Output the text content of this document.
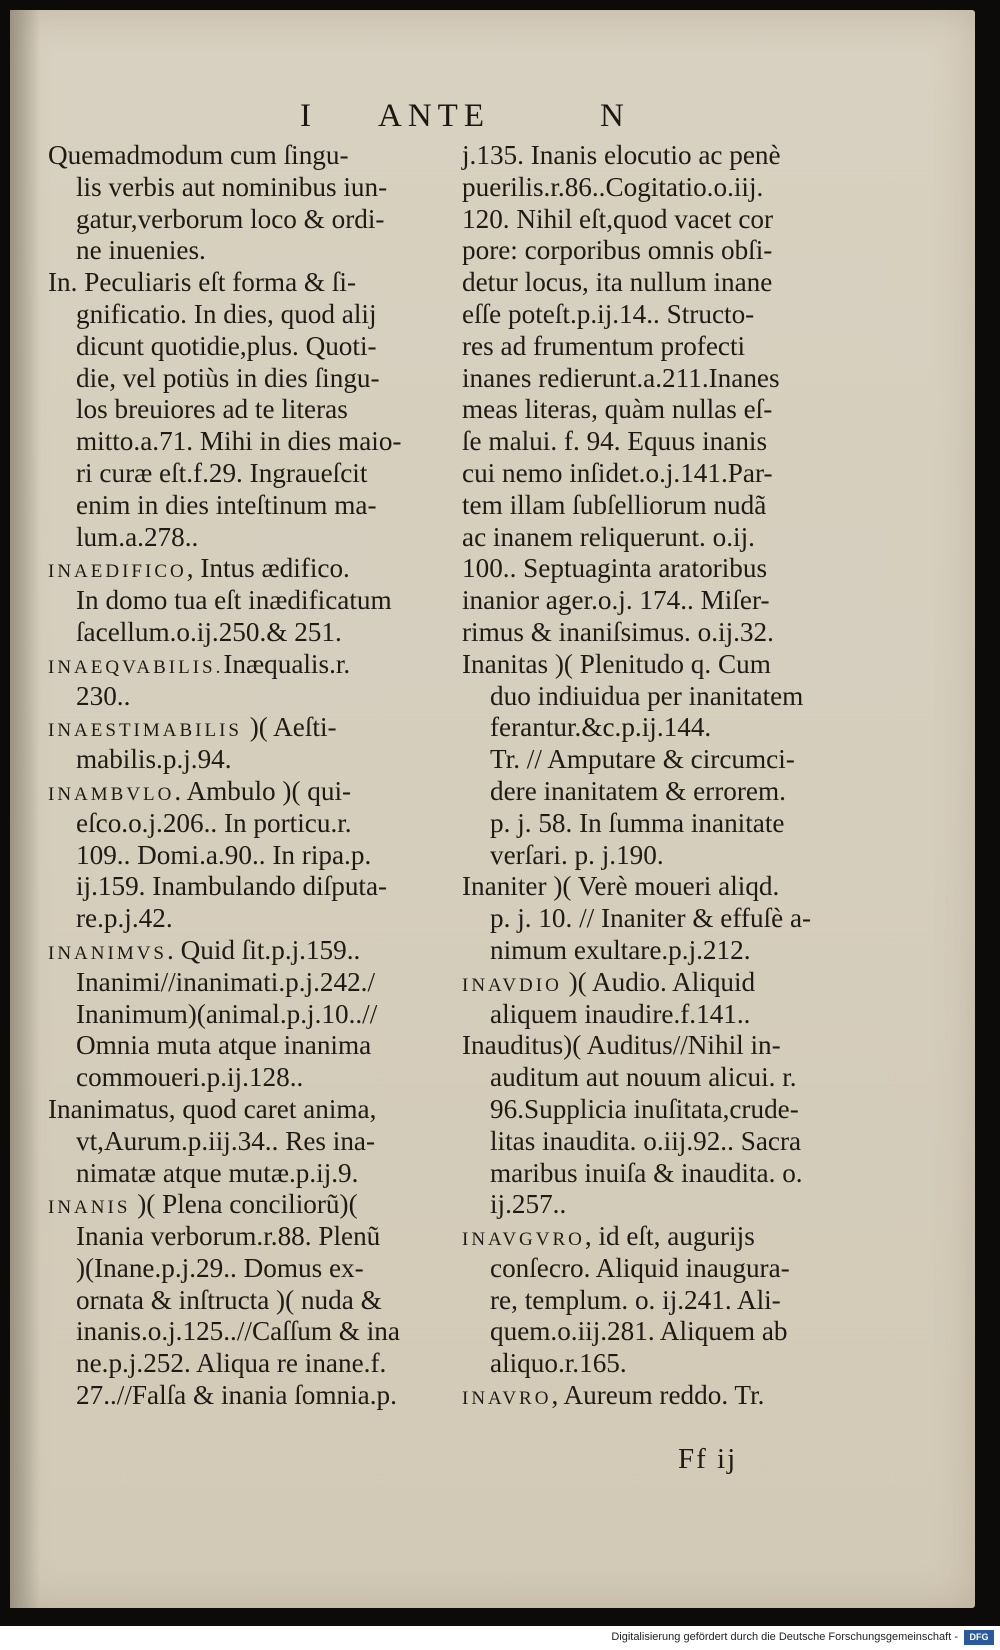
I ANTE	N
Quemadmodum cum ſingu-
lis verbis aut nominibus iun-
gatur,verborum loco & ordi-
ne inuenies.
In. Peculiaris eſt forma & ſi-
gnificatio. In dies, quod alij
dicunt quotidie,plus. Quoti-
die, vel potiùs in dies ſingu-
los breuiores ad te literas
mitto.a.71. Mihi in dies maio-
ri curæ eſt.f.29. Ingraueſcit
enim in dies inteſtinum ma-
lum.a.278..
INAEDIFICO, Intus ædifico.
In domo tua eſt inædificatum
ſacellum.o.ij.250.& 251.
INAEQVABILIS.Inæqualis.r.
230..
INAESTIMABILIS )( Aeſti-
mabilis.p.j.94.
INAMBVLO. Ambulo )( qui-
eſco.o.j.206.. In porticu.r.
109.. Domi.a.90.. In ripa.p.
ij.159. Inambulando diſputa-
re.p.j.42.
INANIMVS. Quid ſit.p.j.159..
Inanimi//inanimati.p.j.242./
Inanimum)(animal.p.j.10..//
Omnia muta atque inanima
commoueri.p.ij.128..
Inanimatus, quod caret anima,
vt,Aurum.p.iij.34.. Res ina-
nimatæ atque mutæ.p.ij.9.
INANIS )( Plena conciliorũ)(
Inania verborum.r.88. Plenũ
)(Inane.p.j.29.. Domus ex-
ornata & inſtructa )( nuda &
inanis.o.j.125..//Caſſum & ina
ne.p.j.252. Aliqua re inane.f.
27..//Falſa & inania ſomnia.p.
j.135. Inanis elocutio ac penè
puerilis.r.86..Cogitatio.o.iij.
120. Nihil eſt,quod vacet cor
pore: corporibus omnis obſi-
detur locus, ita nullum inane
eſſe poteſt.p.ij.14.. Structo-
res ad frumentum profecti
inanes redierunt.a.211.Inanes
meas literas, quàm nullas eſ-
ſe malui. f. 94. Equus inanis
cui nemo inſidet.o.j.141.Par-
tem illam ſubſelliorum nudã
ac inanem reliquerunt. o.ij.
100.. Septuaginta aratoribus
inanior ager.o.j. 174.. Miſer-
rimus & inaniſsimus. o.ij.32.
Inanitas )( Plenitudo q. Cum
duo indiuidua per inanitatem
ferantur.&c.p.ij.144.
Tr. // Amputare & circumci-
dere inanitatem & errorem.
p. j. 58. In ſumma inanitate
verſari. p. j.190.
Inaniter )( Verè moueri aliqd.
p. j. 10. // Inaniter & effuſè a-
nimum exultare.p.j.212.
INAVDIO )( Audio. Aliquid
aliquem inaudire.f.141..
Inauditus)( Auditus//Nihil in-
auditum aut nouum alicui. r.
96.Supplicia inuſitata,crude-
litas inaudita. o.iij.92.. Sacra
maribus inuiſa & inaudita. o.
ij.257..
INAVGVRO, id eſt, augurijs
conſecro. Aliquid inaugura-
re, templum. o. ij.241. Ali-
quem.o.iij.281. Aliquem ab
aliquo.r.165.
INAVRO, Aureum reddo. Tr.
Ff ij
Digitalisierung gefördert durch die Deutsche Forschungsgemeinschaft -	DFG
